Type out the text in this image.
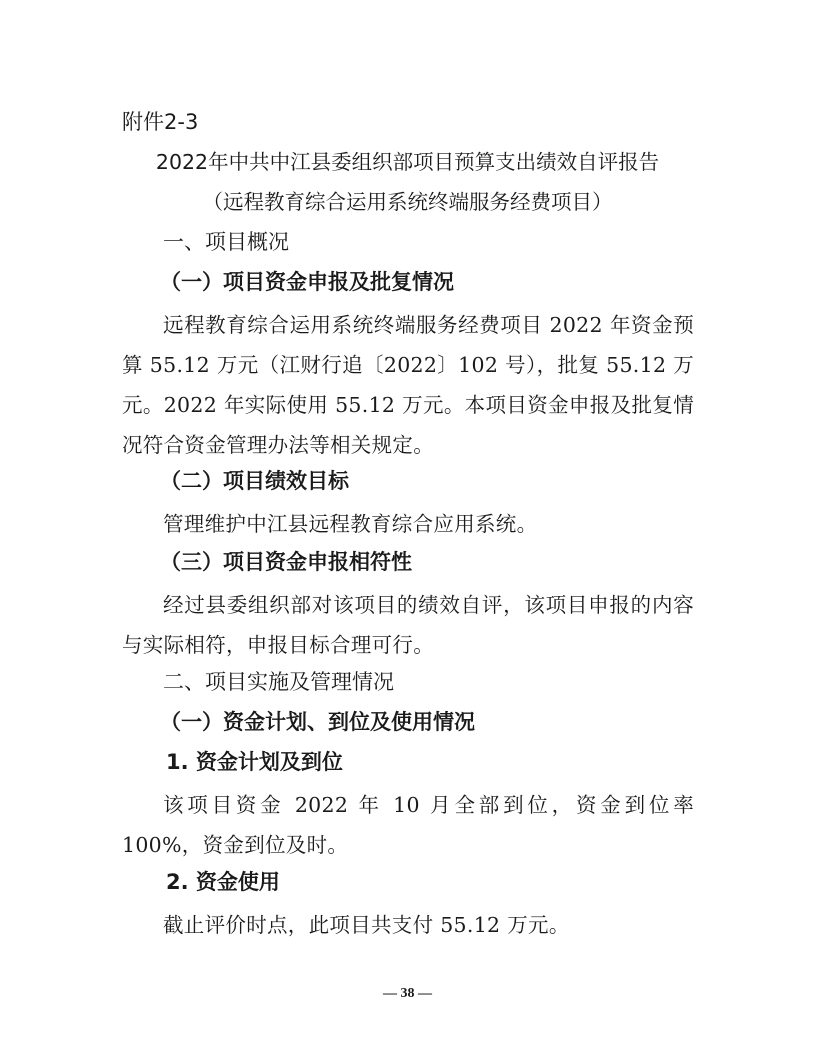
附件2-3
2022年中共中江县委组织部项目预算支出绩效自评报告
（远程教育综合运用系统终端服务经费项目）
一、项目概况
（一）项目资金申报及批复情况
远程教育综合运用系统终端服务经费项目 2022 年资金预算 55.12 万元（江财行追〔2022〕102 号），批复 55.12 万元。2022 年实际使用 55.12 万元。本项目资金申报及批复情况符合资金管理办法等相关规定。
（二）项目绩效目标
管理维护中江县远程教育综合应用系统。
（三）项目资金申报相符性
经过县委组织部对该项目的绩效自评，该项目申报的内容与实际相符，申报目标合理可行。
二、项目实施及管理情况
（一）资金计划、到位及使用情况
1. 资金计划及到位
该项目资金 2022 年 10 月全部到位，资金到位率 100%，资金到位及时。
2. 资金使用
截止评价时点，此项目共支付 55.12 万元。
— 38 —
